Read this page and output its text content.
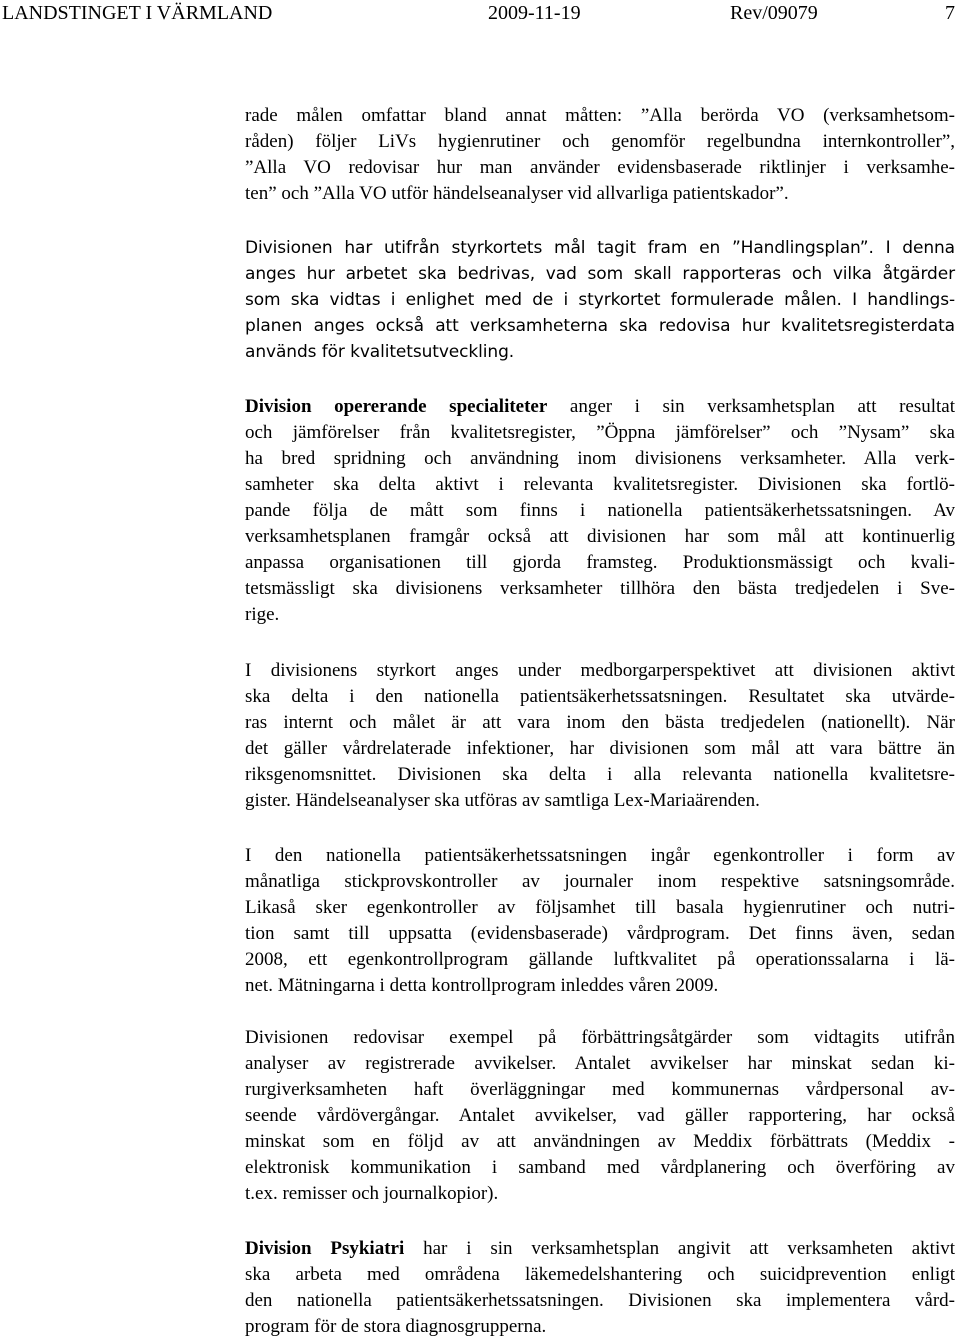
LANDSTINGET I VÄRMLAND	2009-11-19	Rev/09079	7
rade målen omfattar bland annat måtten: ”Alla berörda VO (verksamhetsom-
råden) följer LiVs hygienrutiner och genomför regelbundna internkontroller”,
”Alla VO redovisar hur man använder evidensbaserade riktlinjer i verksamhe-
ten” och ”Alla VO utför händelseanalyser vid allvarliga patientskador”.
Divisionen har utifrån styrkortets mål tagit fram en ”Handlingsplan”. I denna
anges hur arbetet ska bedrivas, vad som skall rapporteras och vilka åtgärder
som ska vidtas i enlighet med de i styrkortet formulerade målen. I handlings-
planen anges också att verksamheterna ska redovisa hur kvalitetsregisterdata
används för kvalitetsutveckling.
Division opererande specialiteter anger i sin verksamhetsplan att resultat
och jämförelser från kvalitetsregister, ”Öppna jämförelser” och ”Nysam” ska
ha bred spridning och användning inom divisionens verksamheter. Alla verk-
samheter ska delta aktivt i relevanta kvalitetsregister. Divisionen ska fortlö-
pande följa de mått som finns i nationella patientsäkerhetssatsningen. Av
verksamhetsplanen framgår också att divisionen har som mål att kontinuerlig
anpassa organisationen till gjorda framsteg. Produktionsmässigt och kvali-
tetsmässligt ska divisionens verksamheter tillhöra den bästa tredjedelen i Sve-
rige.
I divisionens styrkort anges under medborgarperspektivet att divisionen aktivt
ska delta i den nationella patientsäkerhetssatsningen. Resultatet ska utvärde-
ras internt och målet är att vara inom den bästa tredjedelen (nationellt). När
det gäller vårdrelaterade infektioner, har divisionen som mål att vara bättre än
riksgenomsnittet. Divisionen ska delta i alla relevanta nationella kvalitetsre-
gister. Händelseanalyser ska utföras av samtliga Lex-Mariaärenden.
I den nationella patientsäkerhetssatsningen ingår egenkontroller i form av
månatliga stickprovskontroller av journaler inom respektive satsningsområde.
Likaså sker egenkontroller av följsamhet till basala hygienrutiner och nutri-
tion samt till uppsatta (evidensbaserade) vårdprogram. Det finns även, sedan
2008, ett egenkontrollprogram gällande luftkvalitet på operationssalarna i lä-
net. Mätningarna i detta kontrollprogram inleddes våren 2009.
Divisionen redovisar exempel på förbättringsåtgärder som vidtagits utifrån
analyser av registrerade avvikelser. Antalet avvikelser har minskat sedan ki-
rurgiverksamheten haft överläggningar med kommunernas vårdpersonal av-
seende vårdövergångar. Antalet avvikelser, vad gäller rapportering, har också
minskat som en följd av att användningen av Meddix förbättrats (Meddix -
elektronisk kommunikation i samband med vårdplanering och överföring av
t.ex. remisser och journalkopior).
Division Psykiatri har i sin verksamhetsplan angivit att verksamheten aktivt
ska arbeta med områdena läkemedelshantering och suicidprevention enligt
den nationella patientsäkerhetssatsningen. Divisionen ska implementera vård-
program för de stora diagnosgrupperna.
